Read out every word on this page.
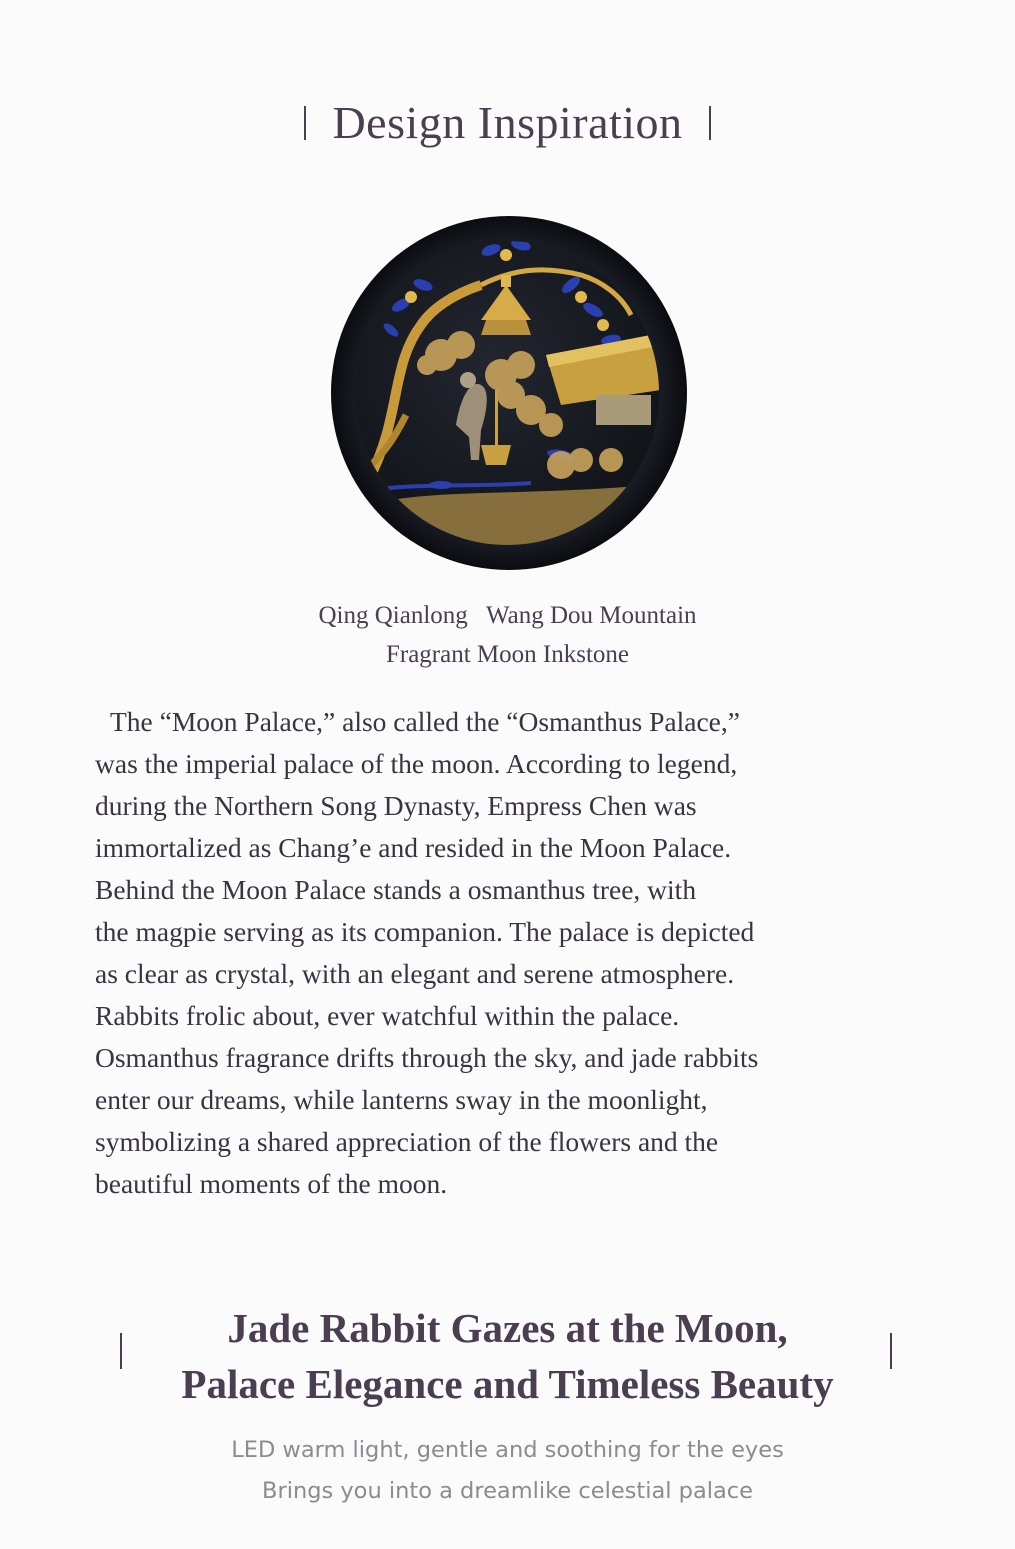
Design Inspiration
Qing Qianlong   Wang Dou Mountain
Fragrant Moon Inkstone
The “Moon Palace,” also called the “Osmanthus Palace,”
was the imperial palace of the moon. According to legend,
during the Northern Song Dynasty, Empress Chen was
immortalized as Chang’e and resided in the Moon Palace.
Behind the Moon Palace stands a osmanthus tree, with
the magpie serving as its companion. The palace is depicted
as clear as crystal, with an elegant and serene atmosphere.
Rabbits frolic about, ever watchful within the palace.
Osmanthus fragrance drifts through the sky, and jade rabbits
enter our dreams, while lanterns sway in the moonlight,
symbolizing a shared appreciation of the flowers and the
beautiful moments of the moon.
Jade Rabbit Gazes at the Moon,
Palace Elegance and Timeless Beauty
LED warm light, gentle and soothing for the eyes
Brings you into a dreamlike celestial palace
